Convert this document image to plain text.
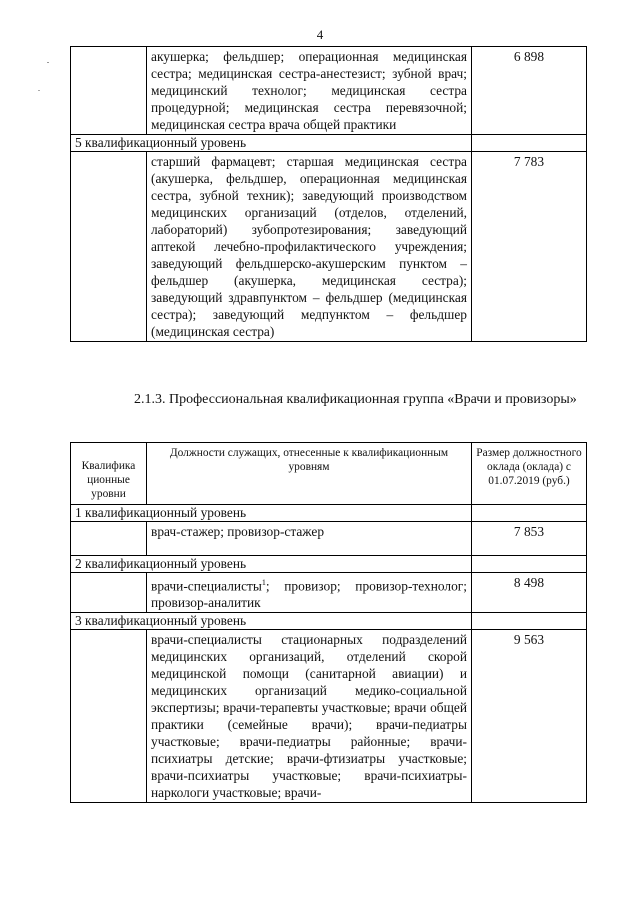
4
	акушерка; фельдшер; операционная медицинская сестра; медицинская сестра-анестезист; зубной врач; медицинский технолог; медицинская сестра процедурной; медицинская сестра перевязочной; медицинская сестра врача общей практики	6 898
5 квалификационный уровень		
	старший фармацевт; старшая медицинская сестра (акушерка, фельдшер, операционная медицинская сестра, зубной техник); заведующий производством медицинских организаций (отделов, отделений, лабораторий) зубопротезирования; заведующий аптекой лечебно-профилактического учреждения; заведующий фельдшерско-акушерским пунктом – фельдшер (акушерка, медицинская сестра); заведующий здравпунктом – фельдшер (медицинская сестра); заведующий медпунктом – фельдшер (медицинская сестра)	7 783

2.1.3. Профессиональная квалификационная группа «Врачи и провизоры»

Квалифика ционные уровни	Должности служащих, отнесенные к квалификационным уровням	Размер должностного оклада (оклада) с 01.07.2019 (руб.)
1 квалификационный уровень		
	врач-стажер; провизор-стажер	7 853
2 квалификационный уровень		
	врачи-специалисты$^1$; провизор; провизор-технолог; провизор-аналитик	8 498
3 квалификационный уровень		
	врачи-специалисты стационарных подразделений медицинских организаций, отделений скорой медицинской помощи (санитарной авиации) и медицинских организаций медико-социальной экспертизы; врачи-терапевты участковые; врачи общей практики (семейные врачи); врачи-педиатры участковые; врачи-педиатры районные; врачи-психиатры детские; врачи-фтизиатры участковые; врачи-психиатры участковые; врачи-психиатры-наркологи участковые; врачи-	9 563
